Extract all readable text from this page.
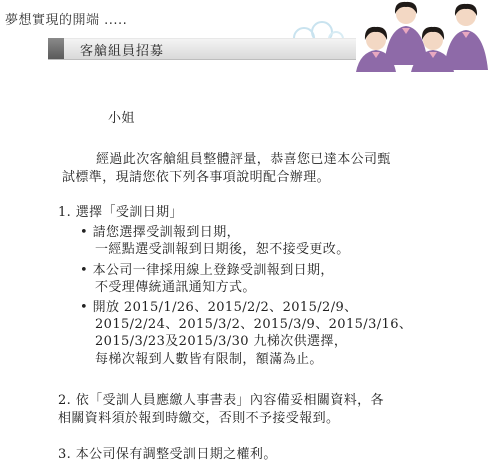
夢想實現的開端 .....
客艙組員招募
小姐
經過此次客艙組員整體評量，恭喜您已達本公司甄
試標準，現請您依下列各事項說明配合辦理。
1. 選擇「受訓日期」
• 請您選擇受訓報到日期，
一經點選受訓報到日期後，恕不接受更改。
• 本公司一律採用線上登錄受訓報到日期，
不受理傳統通訊通知方式。
• 開放 2015/1/26、2015/2/2、2015/2/9、
2015/2/24、2015/3/2、2015/3/9、2015/3/16、
2015/3/23及2015/3/30 九梯次供選擇，
每梯次報到人數皆有限制，額滿為止。
2. 依「受訓人員應繳人事書表」內容備妥相關資料，各
相關資料須於報到時繳交，否則不予接受報到。
3. 本公司保有調整受訓日期之權利。
